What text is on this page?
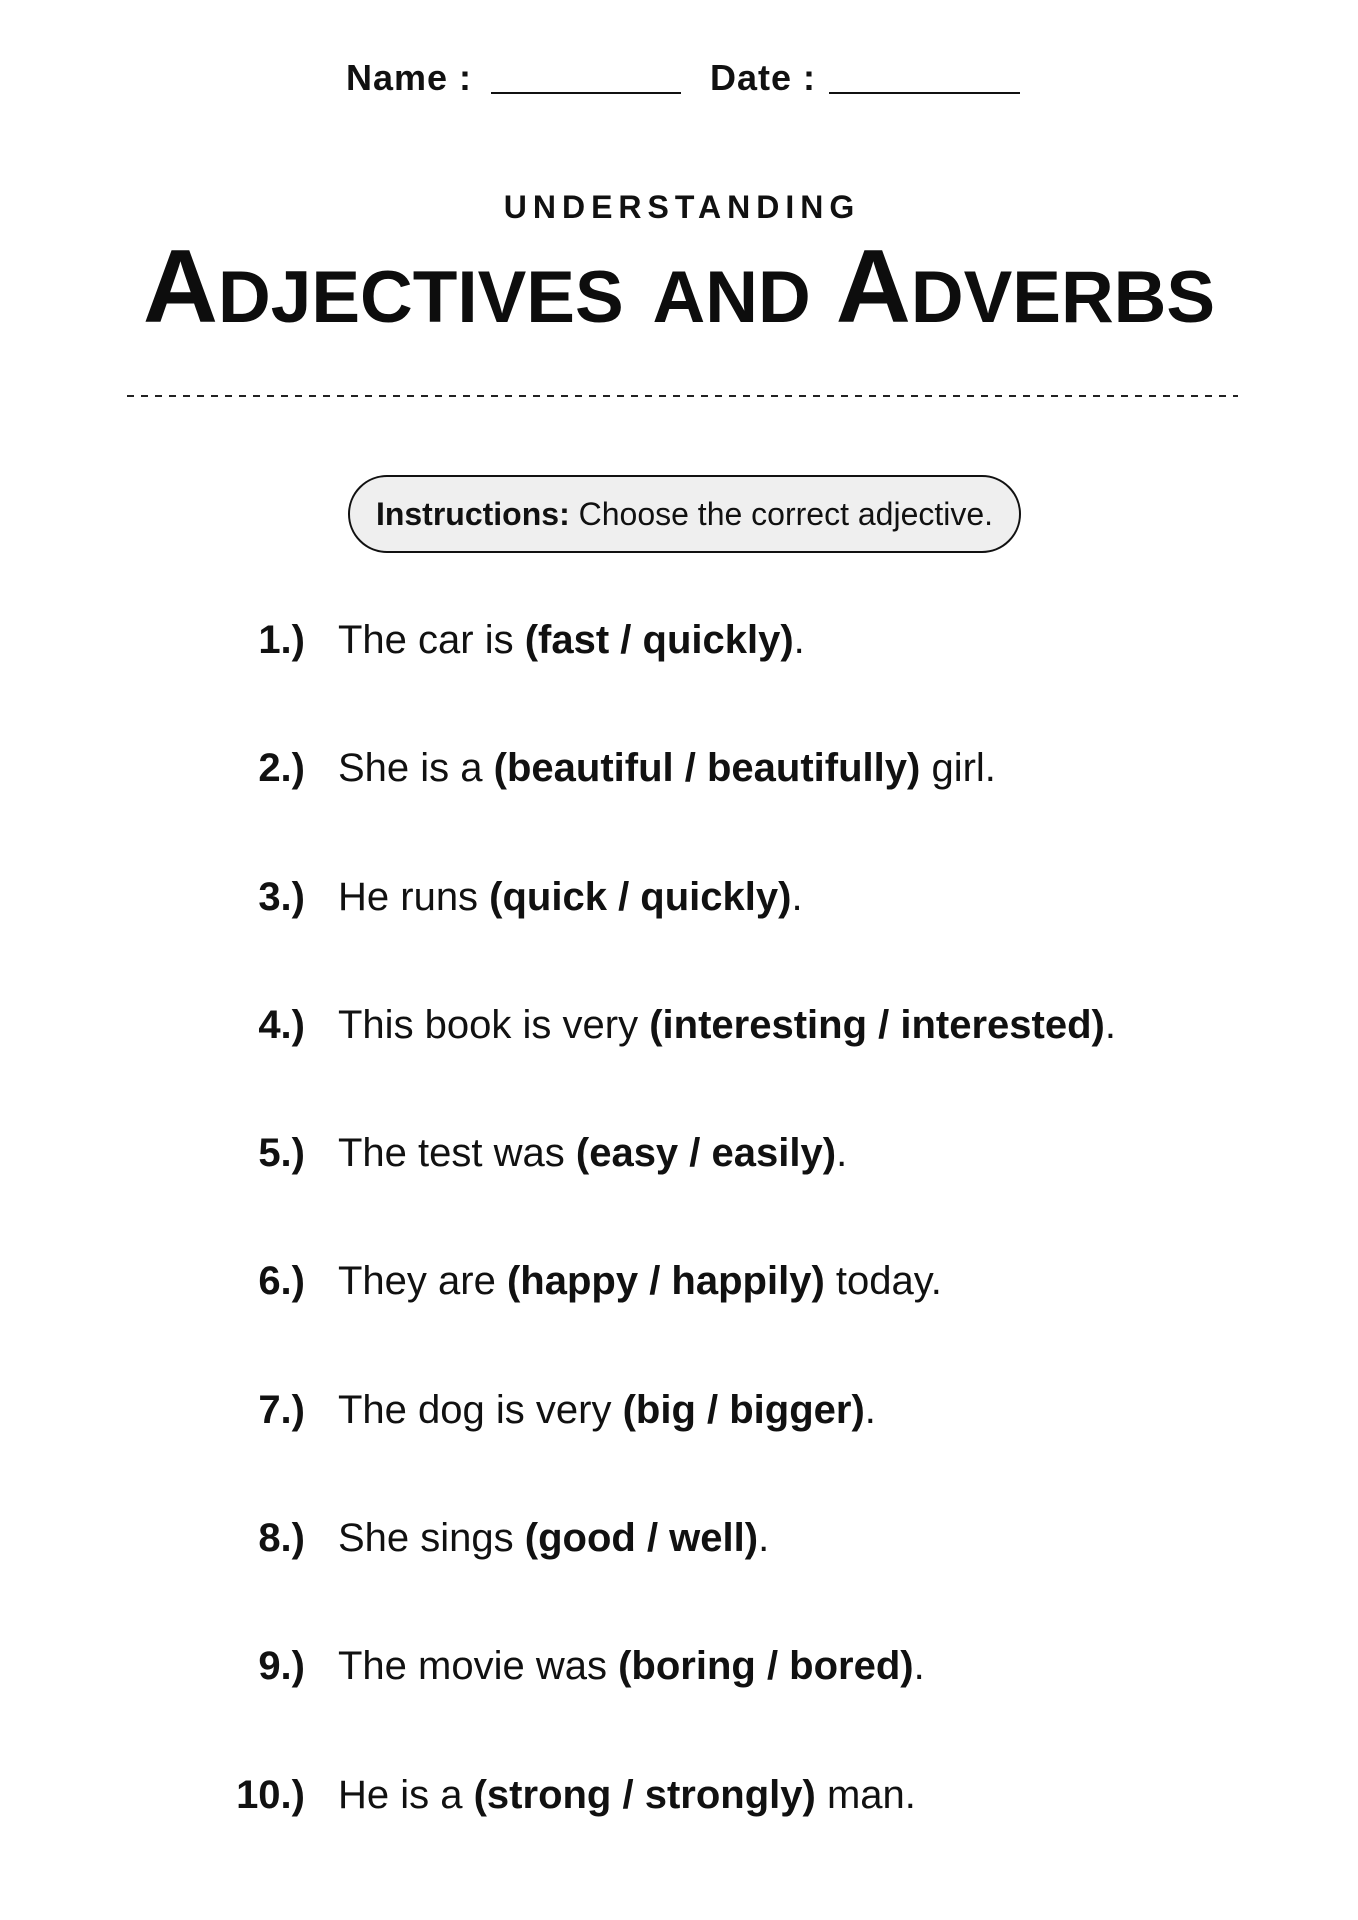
Name :	Date :
UNDERSTANDING
Adjectives and Adverbs
Instructions:
Choose the correct adjective.
1.) The car is (fast / quickly).
2.) She is a (beautiful / beautifully) girl.
3.) He runs (quick / quickly).
4.) This book is very (interesting / interested).
5.) The test was (easy / easily).
6.) They are (happy / happily) today.
7.) The dog is very (big / bigger).
8.) She sings (good / well).
9.) The movie was (boring / bored).
10.) He is a (strong / strongly) man.
